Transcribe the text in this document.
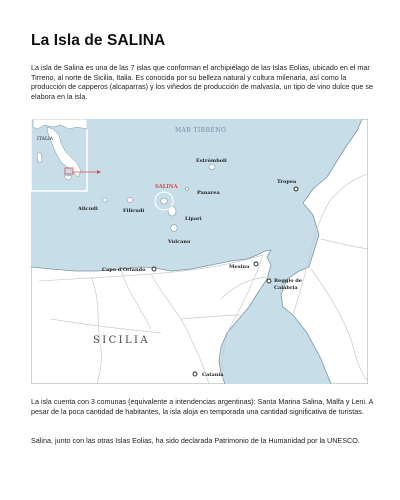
La Isla de SALINA

La isla de Salina es una de las 7 islas que conforman el archipiélago de las Islas Eolias, ubicado en el mar Tirreno, al norte de Sicilia, Italia. Es conocida por su belleza natural y cultura milenaria, así como la producción de capperos (alcaparras) y los viñedos de producción de malvasía, un tipo de vino dulce que se elabora en la isla.

ITALIA
MAR TIRRENO
SALINA
Estrómboli
Panarea
Alicudi	Filicudi
Lipari
Vulcano
Tropea
Capo d'Orlando	Mesina
Reggio de
Calabria
Catania
SICILIA

La isla cuenta con 3 comunas (equivalente a intendencias argentinas): Santa Marina Salina, Malfa y Leni. A pesar de la poca cantidad de habitantes, la isla aloja en temporada una cantidad significativa de turistas.

Salina, junto con las otras Islas Eolias, ha sido declarada Patrimonio de la Humanidad por la UNESCO.
